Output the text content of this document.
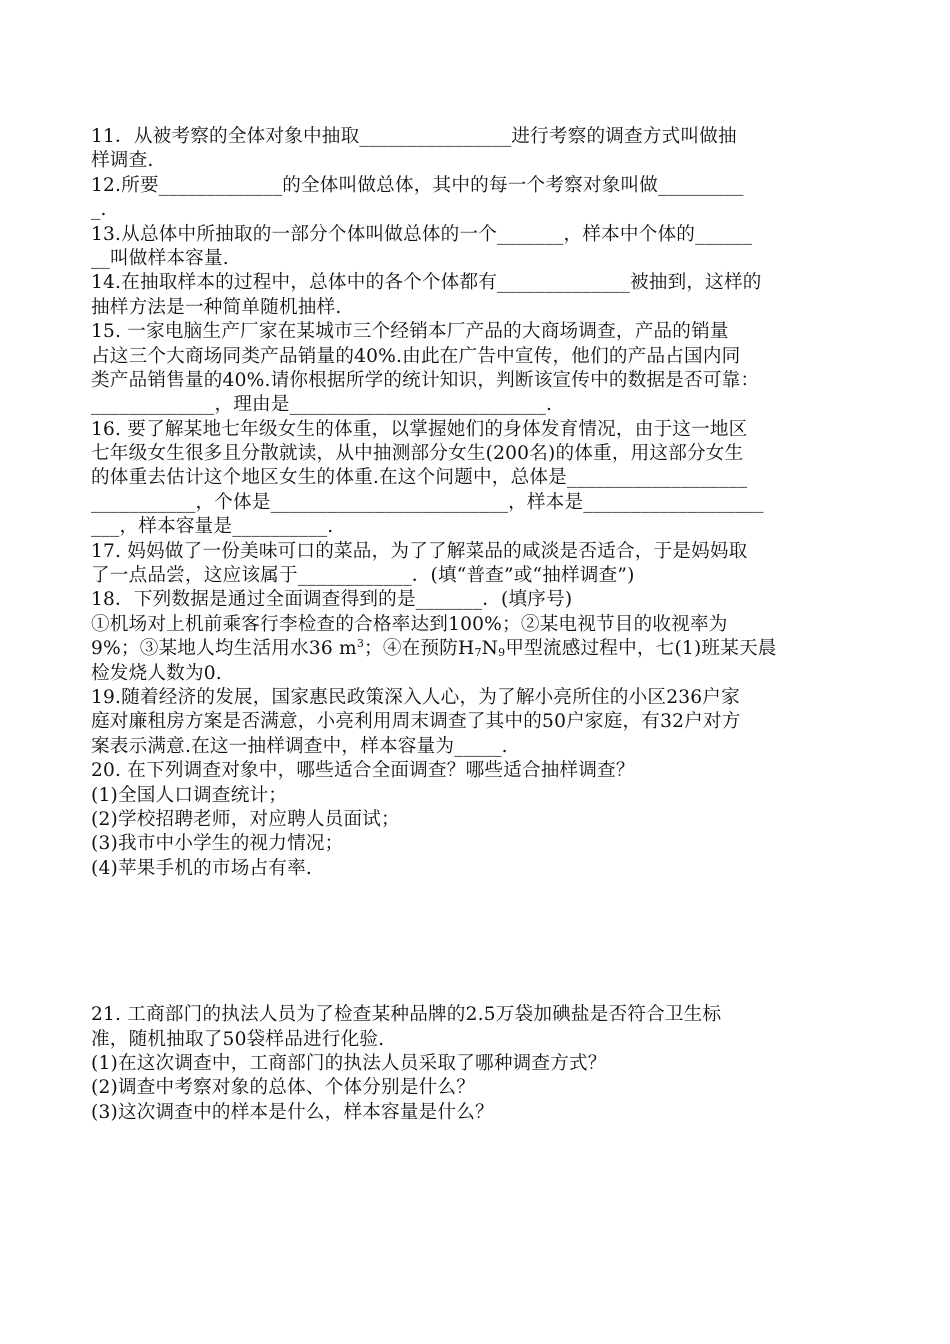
11．从被考察的全体对象中抽取________________进行考察的调查方式叫做抽
样调查.
12.所要_____________的全体叫做总体，其中的每一个考察对象叫做_________
_.
13.从总体中所抽取的一部分个体叫做总体的一个_______，样本中个体的______
__叫做样本容量.
14.在抽取样本的过程中，总体中的各个个体都有______________被抽到，这样的
抽样方法是一种简单随机抽样.
15. 一家电脑生产厂家在某城市三个经销本厂产品的大商场调查，产品的销量
占这三个大商场同类产品销量的40%.由此在广告中宣传，他们的产品占国内同
类产品销售量的40%.请你根据所学的统计知识，判断该宣传中的数据是否可靠：
_____________，理由是___________________________.
16. 要了解某地七年级女生的体重，以掌握她们的身体发育情况，由于这一地区
七年级女生很多且分散就读，从中抽测部分女生(200名)的体重，用这部分女生
的体重去估计这个地区女生的体重.在这个问题中，总体是___________________
___________，个体是_________________________，样本是___________________
___，样本容量是__________.
17. 妈妈做了一份美味可口的菜品，为了了解菜品的咸淡是否适合，于是妈妈取
了一点品尝，这应该属于____________．(填“普查”或“抽样调查”)
18．下列数据是通过全面调查得到的是_______．(填序号)
①机场对上机前乘客行李检查的合格率达到100%；②某电视节目的收视率为
9%；③某地人均生活用水36 $m^3$；④在预防$H_7N_9$甲型流感过程中，七(1)班某天晨
检发烧人数为0.
19.随着经济的发展，国家惠民政策深入人心，为了解小亮所住的小区236户家
庭对廉租房方案是否满意，小亮利用周末调查了其中的50户家庭，有32户对方
案表示满意.在这一抽样调查中，样本容量为_____.
20. 在下列调查对象中，哪些适合全面调查？哪些适合抽样调查？
(1)全国人口调查统计；
(2)学校招聘老师，对应聘人员面试；
(3)我市中小学生的视力情况；
(4)苹果手机的市场占有率.
21. 工商部门的执法人员为了检查某种品牌的2.5万袋加碘盐是否符合卫生标
准，随机抽取了50袋样品进行化验.
(1)在这次调查中，工商部门的执法人员采取了哪种调查方式？
(2)调查中考察对象的总体、个体分别是什么？
(3)这次调查中的样本是什么，样本容量是什么？
